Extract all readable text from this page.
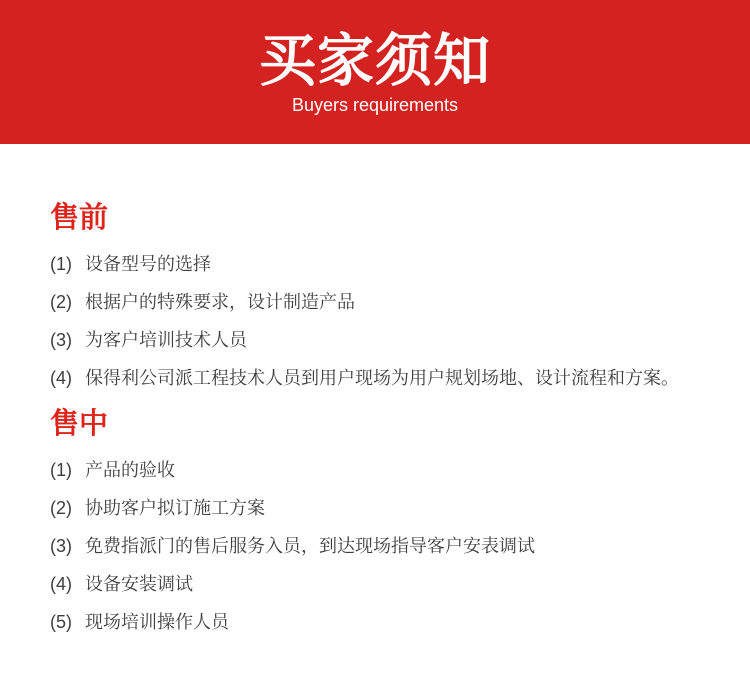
买家须知
Buyers requirements
售前
(1) 设备型号的选择
(2) 根据户的特殊要求，设计制造产品
(3) 为客户培训技术人员
(4) 保得利公司派工程技术人员到用户现场为用户规划场地、设计流程和方案。
售中
(1) 产品的验收
(2) 协助客户拟订施工方案
(3) 免费指派门的售后服务入员，到达现场指导客户安表调试
(4) 设备安装调试
(5) 现场培训操作人员
